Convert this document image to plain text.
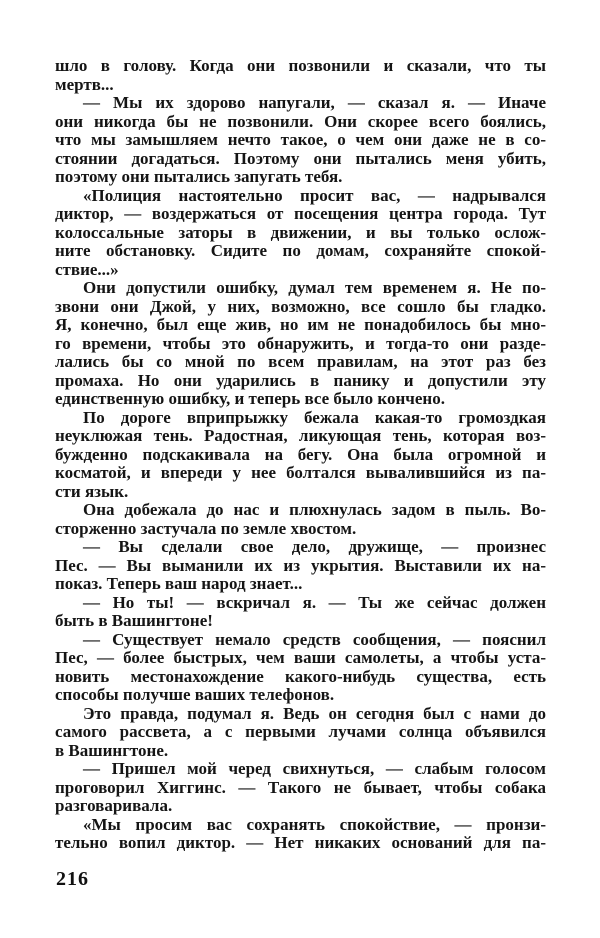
шло в голову. Когда они позвонили и сказали, что ты
мертв...
— Мы их здорово напугали, — сказал я. — Иначе
они никогда бы не позвонили. Они скорее всего боялись,
что мы замышляем нечто такое, о чем они даже не в со-
стоянии догадаться. Поэтому они пытались меня убить,
поэтому они пытались запугать тебя.
«Полиция настоятельно просит вас, — надрывался
диктор, — воздержаться от посещения центра города. Тут
колоссальные заторы в движении, и вы только ослож-
ните обстановку. Сидите по домам, сохраняйте спокой-
ствие...»
Они допустили ошибку, думал тем временем я. Не по-
звони они Джой, у них, возможно, все сошло бы гладко.
Я, конечно, был еще жив, но им не понадобилось бы мно-
го времени, чтобы это обнаружить, и тогда-то они разде-
лались бы со мной по всем правилам, на этот раз без
промаха. Но они ударились в панику и допустили эту
единственную ошибку, и теперь все было кончено.
По дороге вприпрыжку бежала какая-то громоздкая
неуклюжая тень. Радостная, ликующая тень, которая воз-
бужденно подскакивала на бегу. Она была огромной и
косматой, и впереди у нее болтался вывалившийся из па-
сти язык.
Она добежала до нас и плюхнулась задом в пыль. Во-
сторженно застучала по земле хвостом.
— Вы сделали свое дело, дружище, — произнес
Пес. — Вы выманили их из укрытия. Выставили их на-
показ. Теперь ваш народ знает...
— Но ты! — вскричал я. — Ты же сейчас должен
быть в Вашингтоне!
— Существует немало средств сообщения, — пояснил
Пес, — более быстрых, чем ваши самолеты, а чтобы уста-
новить местонахождение какого-нибудь существа, есть
способы получше ваших телефонов.
Это правда, подумал я. Ведь он сегодня был с нами до
самого рассвета, а с первыми лучами солнца объявился
в Вашингтоне.
— Пришел мой черед свихнуться, — слабым голосом
проговорил Хиггинс. — Такого не бывает, чтобы собака
разговаривала.
«Мы просим вас сохранять спокойствие, — пронзи-
тельно вопил диктор. — Нет никаких оснований для па-
216
